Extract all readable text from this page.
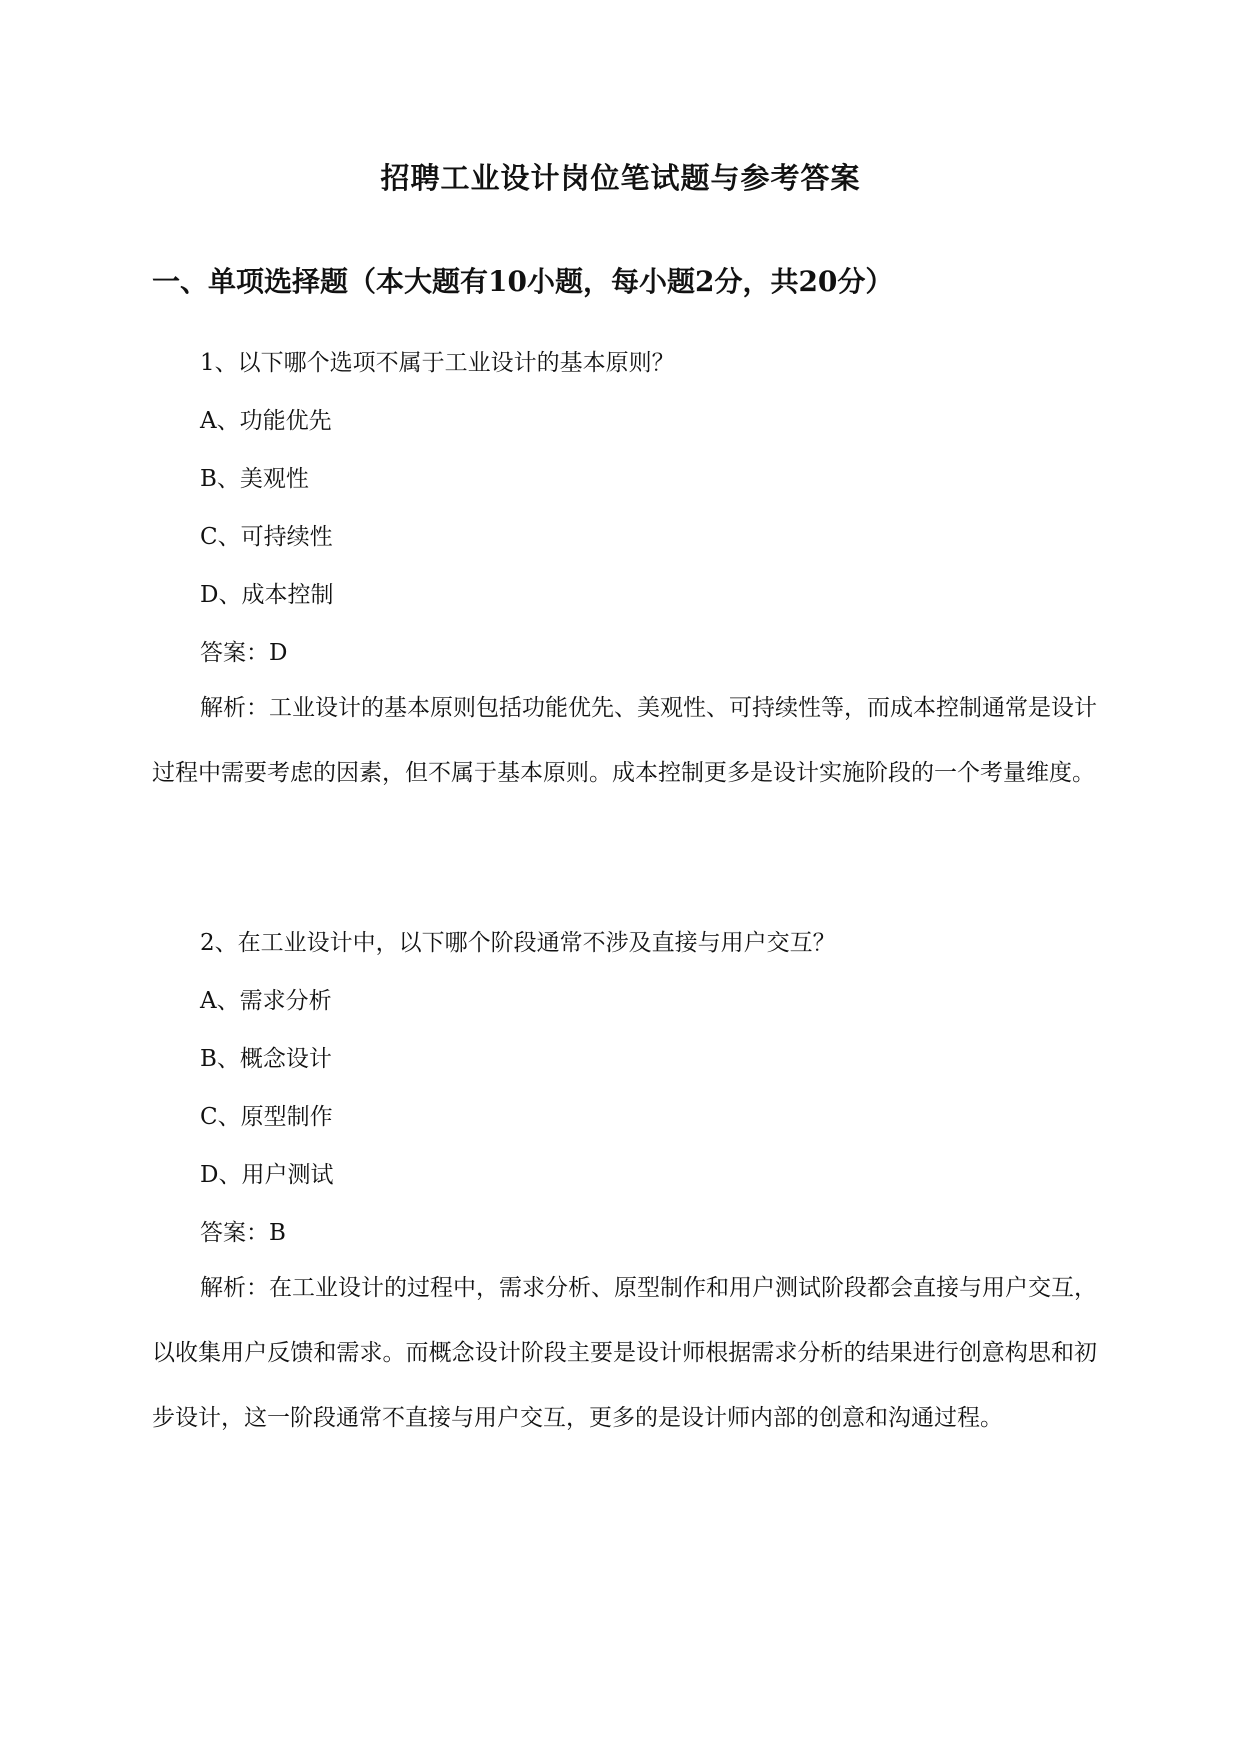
招聘工业设计岗位笔试题与参考答案
一、单项选择题（本大题有10小题，每小题2分，共20分）

1、以下哪个选项不属于工业设计的基本原则？

A、功能优先

B、美观性

C、可持续性

D、成本控制

答案：D

解析：工业设计的基本原则包括功能优先、美观性、可持续性等，而成本控制通常是设计过程中需要考虑的因素，但不属于基本原则。成本控制更多是设计实施阶段的一个考量维度。

2、在工业设计中，以下哪个阶段通常不涉及直接与用户交互？

A、需求分析

B、概念设计

C、原型制作

D、用户测试

答案：B

解析：在工业设计的过程中，需求分析、原型制作和用户测试阶段都会直接与用户交互，以收集用户反馈和需求。而概念设计阶段主要是设计师根据需求分析的结果进行创意构思和初步设计，这一阶段通常不直接与用户交互，更多的是设计师内部的创意和沟通过程。
